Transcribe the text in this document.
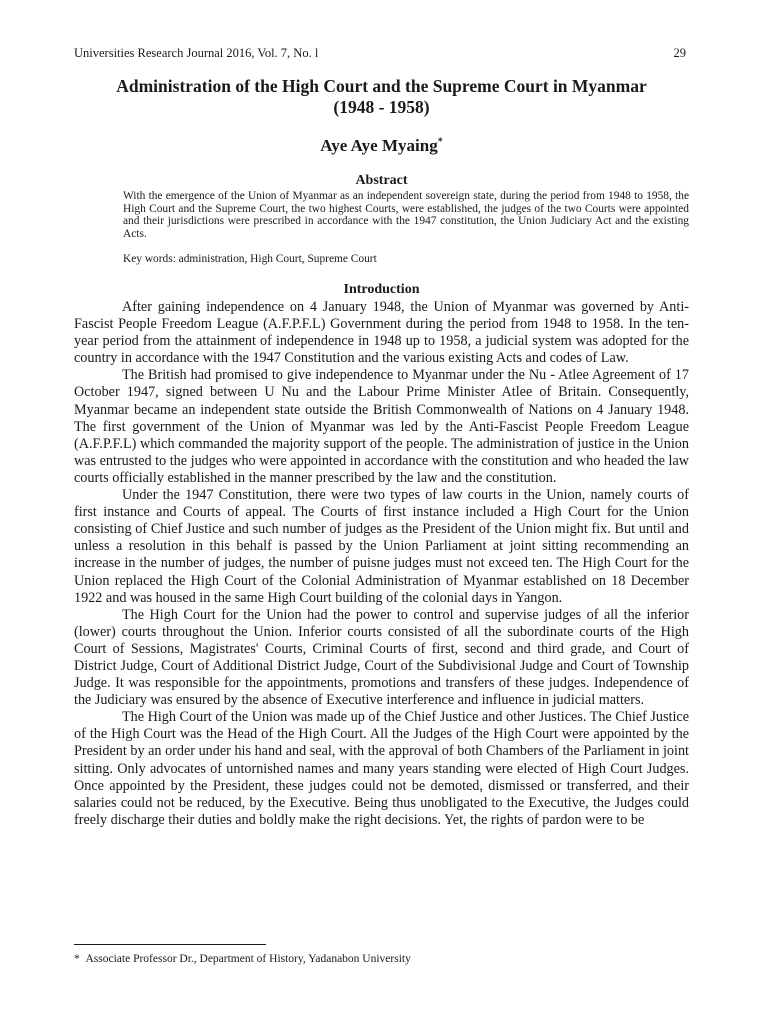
Universities Research Journal 2016, Vol. 7, No. l	29
Administration of the High Court and the Supreme Court in Myanmar
(1948 - 1958)
Aye Aye Myaing*
Abstract
With the emergence of the Union of Myanmar as an independent sovereign state, during the period from 1948 to 1958, the High Court and the Supreme Court, the two highest Courts, were established, the judges of the two Courts were appointed and their jurisdictions were prescribed in accordance with the 1947 constitution, the Union Judiciary Act and the existing Acts.
Key words: administration, High Court, Supreme Court
Introduction

After gaining independence on 4 January 1948, the Union of Myanmar was governed by Anti-Fascist People Freedom League (A.F.P.F.L) Government during the period from 1948 to 1958. In the ten-year period from the attainment of independence in 1948 up to 1958, a judicial system was adopted for the country in accordance with the 1947 Constitution and the various existing Acts and codes of Law.

The British had promised to give independence to Myanmar under the Nu - Atlee Agreement of 17 October 1947, signed between U Nu and the Labour Prime Minister Atlee of Britain. Consequently, Myanmar became an independent state outside the British Commonwealth of Nations on 4 January 1948. The first government of the Union of Myanmar was led by the Anti-Fascist People Freedom League (A.F.P.F.L) which commanded the majority support of the people. The administration of justice in the Union was entrusted to the judges who were appointed in accordance with the constitution and who headed the law courts officially established in the manner prescribed by the law and the constitution.

Under the 1947 Constitution, there were two types of law courts in the Union, namely courts of first instance and Courts of appeal. The Courts of first instance included a High Court for the Union consisting of Chief Justice and such number of judges as the President of the Union might fix. But until and unless a resolution in this behalf is passed by the Union Parliament at joint sitting recommending an increase in the number of judges, the number of puisne judges must not exceed ten. The High Court for the Union replaced the High Court of the Colonial Administration of Myanmar established on 18 December 1922 and was housed in the same High Court building of the colonial days in Yangon.

The High Court for the Union had the power to control and supervise judges of all the inferior (lower) courts throughout the Union. Inferior courts consisted of all the subordinate courts of the High Court of Sessions, Magistrates' Courts, Criminal Courts of first, second and third grade, and Court of District Judge, Court of Additional District Judge, Court of the Subdivisional Judge and Court of Township Judge. It was responsible for the appointments, promotions and transfers of these judges. Independence of the Judiciary was ensured by the absence of Executive interference and influence in judicial matters.

The High Court of the Union was made up of the Chief Justice and other Justices. The Chief Justice of the High Court was the Head of the High Court. All the Judges of the High Court were appointed by the President by an order under his hand and seal, with the approval of both Chambers of the Parliament in joint sitting. Only advocates of untornished names and many years standing were elected of High Court Judges. Once appointed by the President, these judges could not be demoted, dismissed or transferred, and their salaries could not be reduced, by the Executive. Being thus unobligated to the Executive, the Judges could freely discharge their duties and boldly make the right decisions. Yet, the rights of pardon were to be

* Associate Professor Dr., Department of History, Yadanabon University
